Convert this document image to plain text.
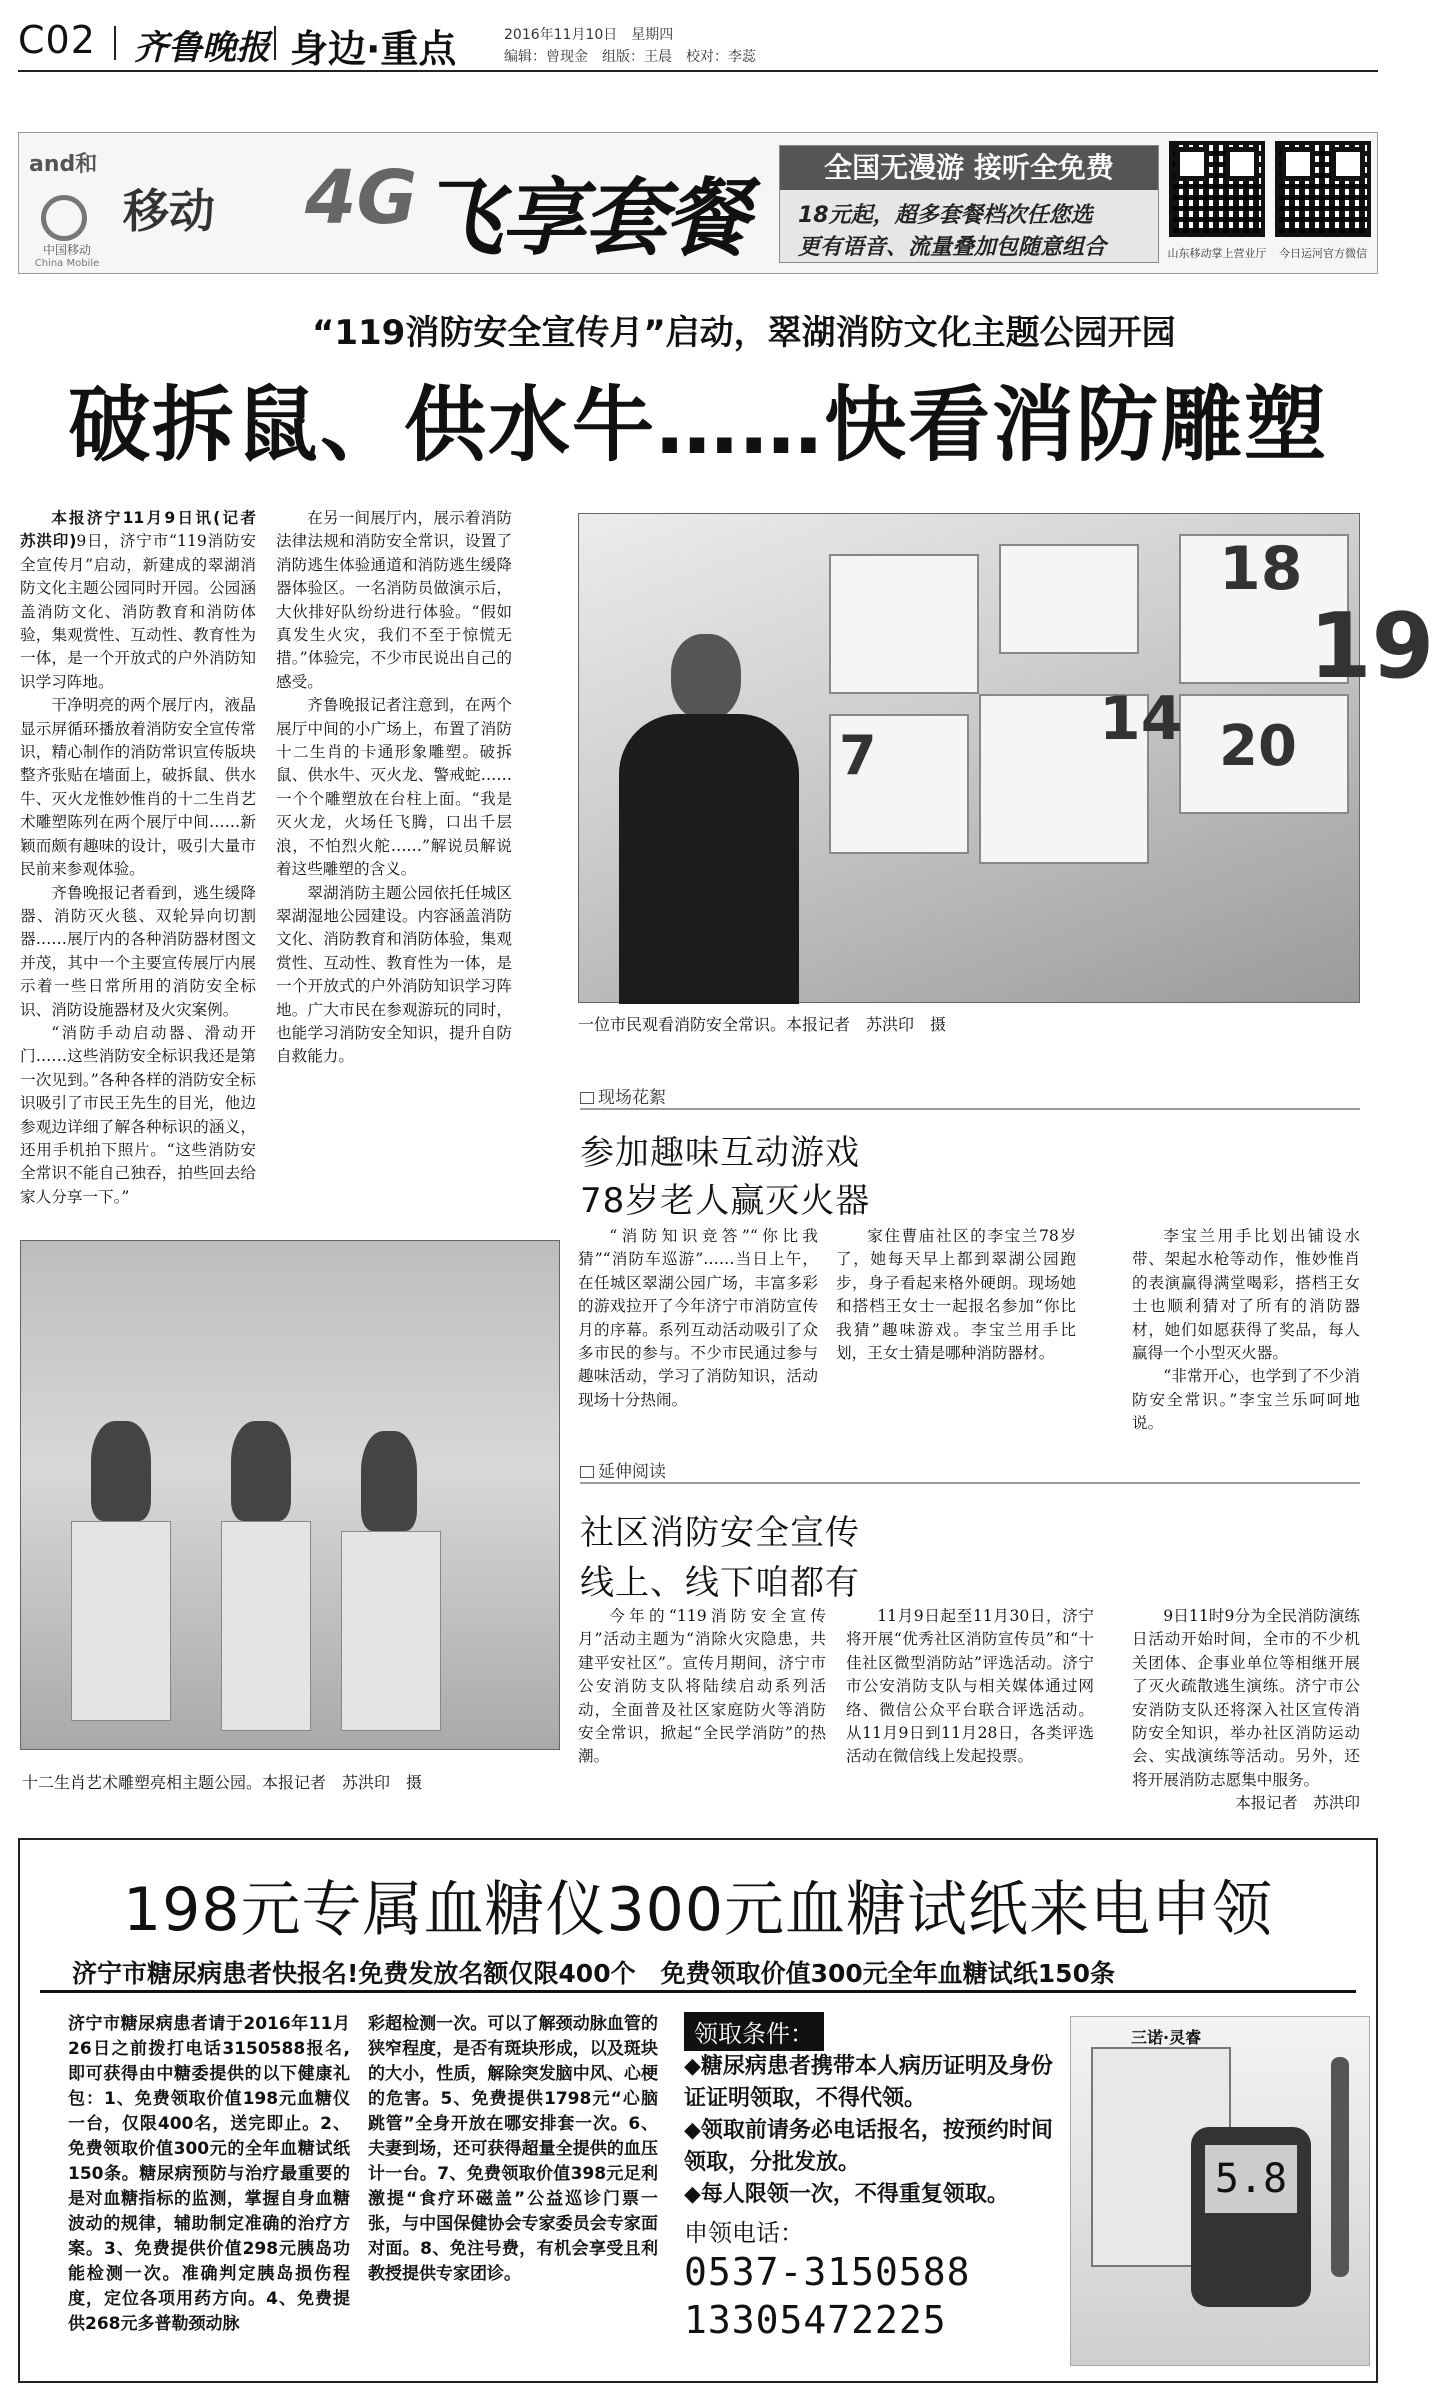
C02 齐鲁晚报 身边·重点	2016年11月10日　星期四
编辑：曾现金　组版：王晨　校对：李蕊
and和
中国移动
China Mobile
移动 4G 飞享套餐
全国无漫游 接听全免费
18元起，超多套餐档次任您选
更有语音、流量叠加包随意组合	山东移动掌上营业厅	今日运河官方微信
“119消防安全宣传月”启动，翠湖消防文化主题公园开园
破拆鼠、供水牛……快看消防雕塑

本报济宁11月9日讯(记者　苏洪印)9日，济宁市“119消防安全宣传月”启动，新建成的翠湖消防文化主题公园同时开园。公园涵盖消防文化、消防教育和消防体验，集观赏性、互动性、教育性为一体，是一个开放式的户外消防知识学习阵地。

干净明亮的两个展厅内，液晶显示屏循环播放着消防安全宣传常识，精心制作的消防常识宣传版块整齐张贴在墙面上，破拆鼠、供水牛、灭火龙惟妙惟肖的十二生肖艺术雕塑陈列在两个展厅中间……新颖而颇有趣味的设计，吸引大量市民前来参观体验。

齐鲁晚报记者看到，逃生缓降器、消防灭火毯、双轮异向切割器……展厅内的各种消防器材图文并茂，其中一个主要宣传展厅内展示着一些日常所用的消防安全标识、消防设施器材及火灾案例。

“消防手动启动器、滑动开门……这些消防安全标识我还是第一次见到。”各种各样的消防安全标识吸引了市民王先生的目光，他边参观边详细了解各种标识的涵义，还用手机拍下照片。“这些消防安全常识不能自己独吞，拍些回去给家人分享一下。”

在另一间展厅内，展示着消防法律法规和消防安全常识，设置了消防逃生体验通道和消防逃生缓降器体验区。一名消防员做演示后，大伙排好队纷纷进行体验。“假如真发生火灾，我们不至于惊慌无措。”体验完，不少市民说出自己的感受。

齐鲁晚报记者注意到，在两个展厅中间的小广场上，布置了消防十二生肖的卡通形象雕塑。破拆鼠、供水牛、灭火龙、警戒蛇……一个个雕塑放在台柱上面。“我是灭火龙，火场任飞腾，口出千层浪，不怕烈火舵……”解说员解说着这些雕塑的含义。

翠湖消防主题公园依托任城区翠湖湿地公园建设。内容涵盖消防文化、消防教育和消防体验，集观赏性、互动性、教育性为一体，是一个开放式的户外消防知识学习阵地。广大市民在参观游玩的同时，也能学习消防安全知识，提升自防自救能力。

18
19
20
14
7
一位市民观看消防安全常识。本报记者　苏洪印　摄
十二生肖艺术雕塑亮相主题公园。本报记者　苏洪印　摄
现场花絮
参加趣味互动游戏
78岁老人赢灭火器

“消防知识竞答”“你比我猜”“消防车巡游”……当日上午，在任城区翠湖公园广场，丰富多彩的游戏拉开了今年济宁市消防宣传月的序幕。系列互动活动吸引了众多市民的参与。不少市民通过参与趣味活动，学习了消防知识，活动现场十分热闹。

家住曹庙社区的李宝兰78岁了，她每天早上都到翠湖公园跑步，身子看起来格外硬朗。现场她和搭档王女士一起报名参加“你比我猜”趣味游戏。李宝兰用手比划，王女士猜是哪种消防器材。

李宝兰用手比划出铺设水带、架起水枪等动作，惟妙惟肖的表演赢得满堂喝彩，搭档王女士也顺利猜对了所有的消防器材，她们如愿获得了奖品，每人赢得一个小型灭火器。

“非常开心，也学到了不少消防安全常识。”李宝兰乐呵呵地说。

延伸阅读
社区消防安全宣传
线上、线下咱都有

今年的“119消防安全宣传月”活动主题为“消除火灾隐患，共建平安社区”。宣传月期间，济宁市公安消防支队将陆续启动系列活动，全面普及社区家庭防火等消防安全常识，掀起“全民学消防”的热潮。

11月9日起至11月30日，济宁将开展“优秀社区消防宣传员”和“十佳社区微型消防站”评选活动。济宁市公安消防支队与相关媒体通过网络、微信公众平台联合评选活动。从11月9日到11月28日，各类评选活动在微信线上发起投票。

9日11时9分为全民消防演练日活动开始时间，全市的不少机关团体、企事业单位等相继开展了灭火疏散逃生演练。济宁市公安消防支队还将深入社区宣传消防安全知识，举办社区消防运动会、实战演练等活动。另外，还将开展消防志愿集中服务。

本报记者　苏洪印

198元专属血糖仪300元血糖试纸来电申领
济宁市糖尿病患者快报名!免费发放名额仅限400个　免费领取价值300元全年血糖试纸150条
济宁市糖尿病患者请于2016年11月26日之前拨打电话3150588报名,即可获得由中糖委提供的以下健康礼包：1、免费领取价值198元血糖仪一台，仅限400名，送完即止。2、免费领取价值300元的全年血糖试纸150条。糖尿病预防与治疗最重要的是对血糖指标的监测，掌握自身血糖波动的规律，辅助制定准确的治疗方案。3、免费提供价值298元胰岛功能检测一次。准确判定胰岛损伤程度，定位各项用药方向。4、免费提供268元多普勒颈动脉
彩超检测一次。可以了解颈动脉血管的狭窄程度，是否有斑块形成，以及斑块的大小，性质，解除突发脑中风、心梗的危害。5、免费提供1798元“心脑跳管”全身开放在哪安排套一次。6、夫妻到场，还可获得超量全提供的血压计一台。7、免费领取价值398元足利激提“食疗环磁盖”公益巡诊门票一张，与中国保健协会专家委员会专家面对面。8、免注号费，有机会享受且利教授提供专家团诊。
领取条件：
◆糖尿病患者携带本人病历证明及身份证证明领取，不得代领。
◆领取前请务必电话报名，按预约时间领取，分批发放。
◆每人限领一次，不得重复领取。
申领电话：
0537-3150588
13305472225
三诺·灵睿
5.8
